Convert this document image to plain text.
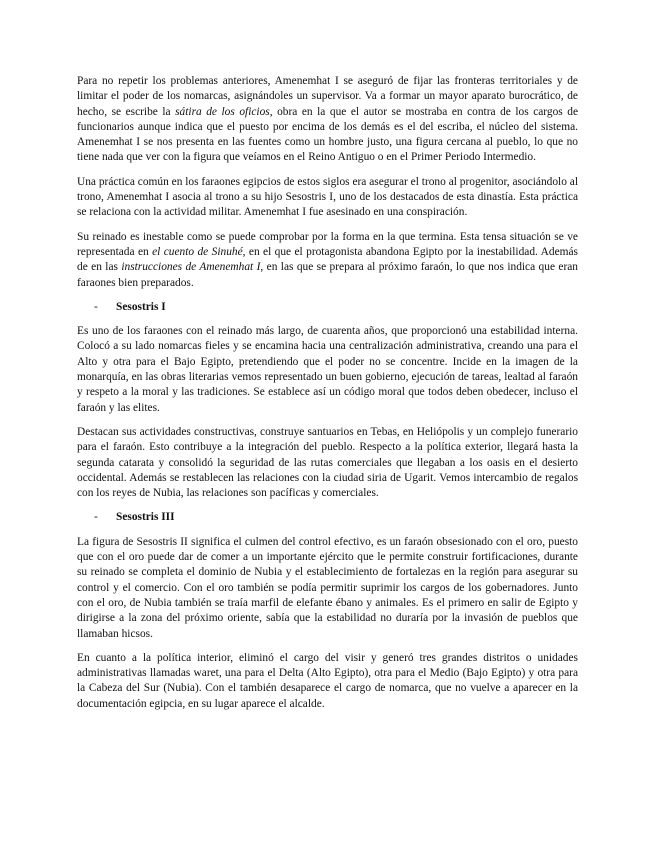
Para no repetir los problemas anteriores, Amenemhat I se aseguró de fijar las fronteras territoriales y de limitar el poder de los nomarcas, asignándoles un supervisor. Va a formar un mayor aparato burocrático, de hecho, se escribe la sátira de los oficios, obra en la que el autor se mostraba en contra de los cargos de funcionarios aunque indica que el puesto por encima de los demás es el del escriba, el núcleo del sistema. Amenemhat I se nos presenta en las fuentes como un hombre justo, una figura cercana al pueblo, lo que no tiene nada que ver con la figura que veíamos en el Reino Antiguo o en el Primer Periodo Intermedio.

Una práctica común en los faraones egipcios de estos siglos era asegurar el trono al progenitor, asociándolo al trono, Amenemhat I asocia al trono a su hijo Sesostris I, uno de los destacados de esta dinastía. Esta práctica se relaciona con la actividad militar. Amenemhat I fue asesinado en una conspiración.

Su reinado es inestable como se puede comprobar por la forma en la que termina. Esta tensa situación se ve representada en el cuento de Sinuhé, en el que el protagonista abandona Egipto por la inestabilidad. Además de en las instrucciones de Amenemhat I, en las que se prepara al próximo faraón, lo que nos indica que eran faraones bien preparados.

- Sesostris I

Es uno de los faraones con el reinado más largo, de cuarenta años, que proporcionó una estabilidad interna. Colocó a su lado nomarcas fieles y se encamina hacia una centralización administrativa, creando una para el Alto y otra para el Bajo Egipto, pretendiendo que el poder no se concentre. Incide en la imagen de la monarquía, en las obras literarias vemos representado un buen gobierno, ejecución de tareas, lealtad al faraón y respeto a la moral y las tradiciones. Se establece así un código moral que todos deben obedecer, incluso el faraón y las elites.

Destacan sus actividades constructivas, construye santuarios en Tebas, en Heliópolis y un complejo funerario para el faraón. Esto contribuye a la integración del pueblo. Respecto a la política exterior, llegará hasta la segunda catarata y consolidó la seguridad de las rutas comerciales que llegaban a los oasis en el desierto occidental. Además se restablecen las relaciones con la ciudad siria de Ugarit. Vemos intercambio de regalos con los reyes de Nubia, las relaciones son pacíficas y comerciales.

- Sesostris III

La figura de Sesostris II significa el culmen del control efectivo, es un faraón obsesionado con el oro, puesto que con el oro puede dar de comer a un importante ejército que le permite construir fortificaciones, durante su reinado se completa el dominio de Nubia y el establecimiento de fortalezas en la región para asegurar su control y el comercio. Con el oro también se podía permitir suprimir los cargos de los gobernadores. Junto con el oro, de Nubia también se traía marfil de elefante ébano y animales. Es el primero en salir de Egipto y dirigirse a la zona del próximo oriente, sabía que la estabilidad no duraría por la invasión de pueblos que llamaban hicsos.

En cuanto a la política interior, eliminó el cargo del visir y generó tres grandes distritos o unidades administrativas llamadas waret, una para el Delta (Alto Egipto), otra para el Medio (Bajo Egipto) y otra para la Cabeza del Sur (Nubia). Con el también desaparece el cargo de nomarca, que no vuelve a aparecer en la documentación egipcia, en su lugar aparece el alcalde.
